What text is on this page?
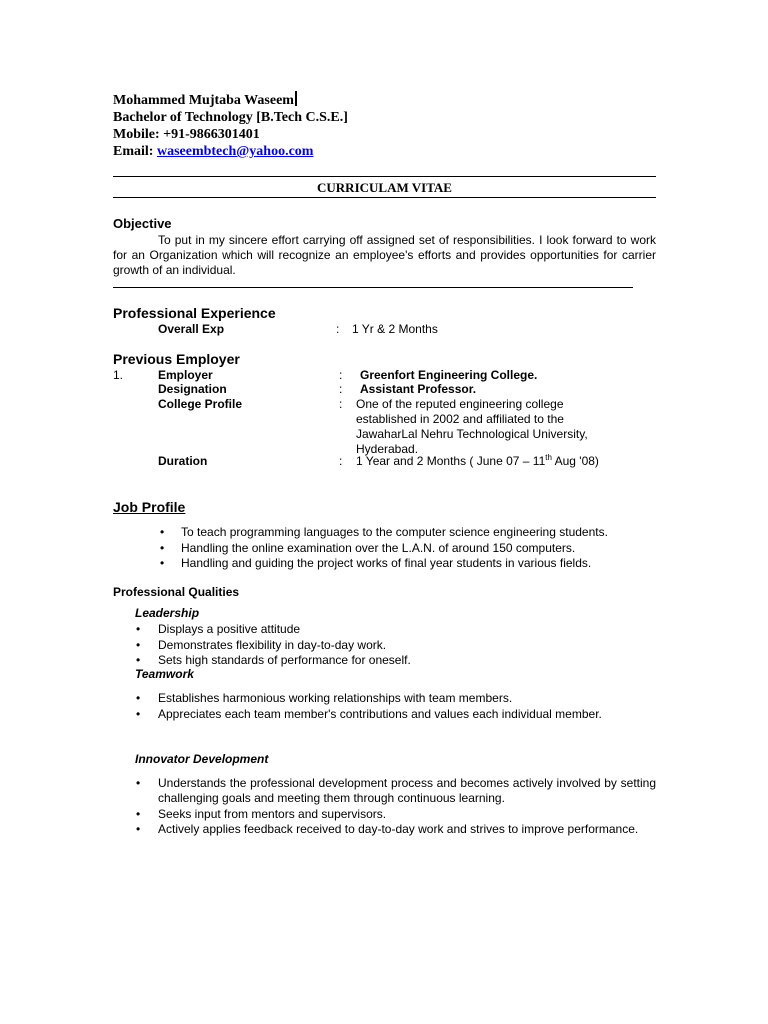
Mohammed Mujtaba Waseem
Bachelor of Technology [B.Tech C.S.E.]
Mobile: +91-9866301401
Email: waseembtech@yahoo.com
CURRICULAM VITAE
Objective
To put in my sincere effort carrying off assigned set of responsibilities. I look forward to work for an Organization which will recognize an employee's efforts and provides opportunities for carrier growth of an individual.
Professional Experience
Overall Exp	: 1 Yr & 2 Months
Previous Employer
1.	Employer	: Greenfort Engineering College.
Designation	: Assistant Professor.
College Profile	: One of the reputed engineering college
established in 2002 and affiliated to the
JawaharLal Nehru Technological University,
Hyderabad.
Duration	: 1 Year and 2 Months ( June 07 – 11th Aug '08)
Job Profile
• To teach programming languages to the computer science engineering students.
• Handling the online examination over the L.A.N. of around 150 computers.
• Handling and guiding the project works of final year students in various fields.
Professional Qualities
Leadership
• Displays a positive attitude
• Demonstrates flexibility in day-to-day work.
• Sets high standards of performance for oneself.
Teamwork
• Establishes harmonious working relationships with team members.
• Appreciates each team member's contributions and values each individual member.
Innovator Development
• Understands the professional development process and becomes actively involved by setting challenging goals and meeting them through continuous learning.
• Seeks input from mentors and supervisors.
• Actively applies feedback received to day-to-day work and strives to improve performance.
